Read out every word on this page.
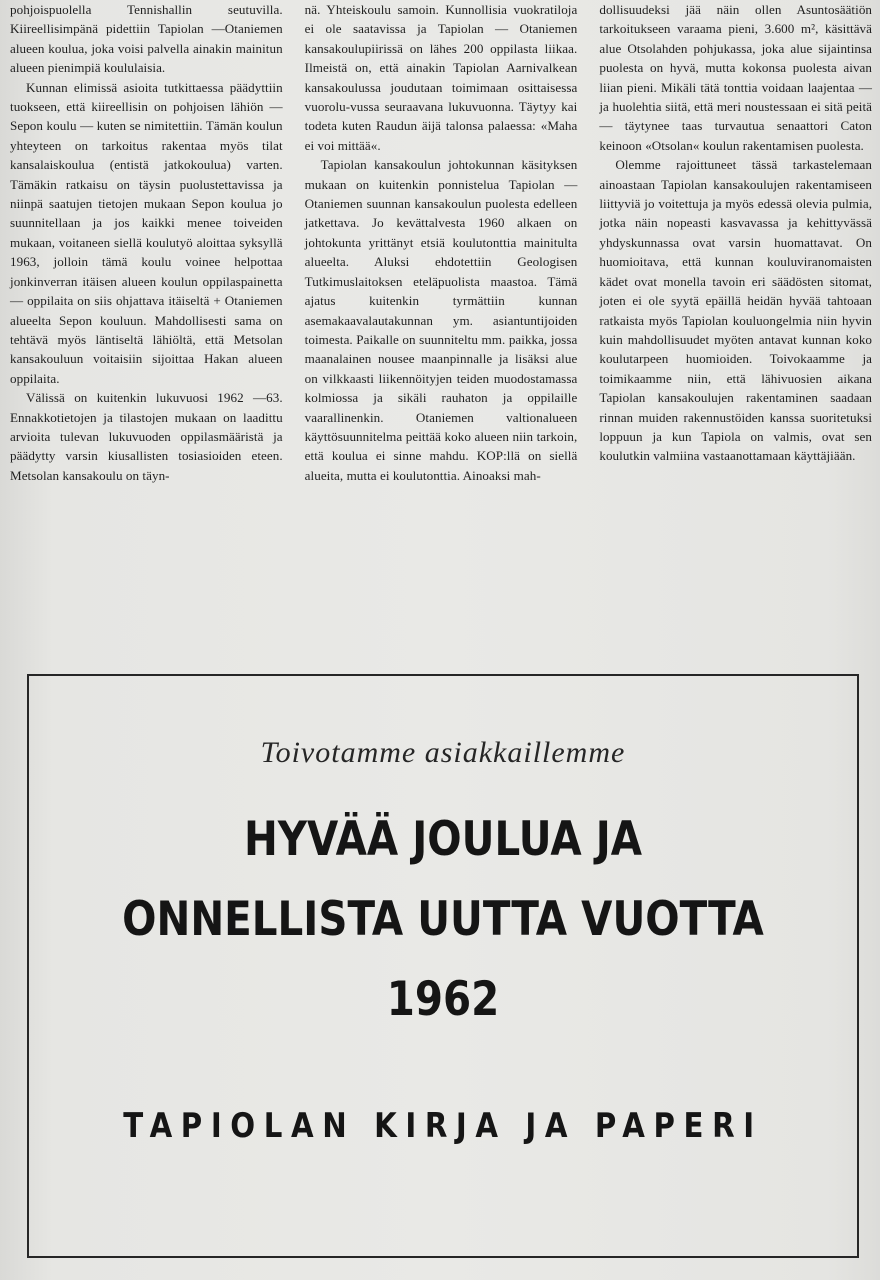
pohjoispuolella Tennishallin seutuvilla. Kiireellisimpänä pidettiin Tapiolan —Otaniemen alueen koulua, joka voisi palvella ainakin mainitun alueen pienimpiä koululaisia.

Kunnan elimissä asioita tutkittaessa päädyttiin tuokseen, että kiireellisin on pohjoisen lähiön — Sepon koulu — kuten se nimitettiin. Tämän koulun yhteyteen on tarkoitus rakentaa myös tilat kansalaiskoulua (entistä jatkokoulua) varten. Tämäkin ratkaisu on täysin puolustettavissa ja niinpä saatujen tietojen mukaan Sepon koulua jo suunnitellaan ja jos kaikki menee toiveiden mukaan, voitaneen siellä koulutyö aloittaa syksyllä 1963, jolloin tämä koulu voinee helpottaa jonkinverran itäisen alueen koulun oppilaspainetta — oppilaita on siis ohjattava itäiseltä + Otaniemen alueelta Sepon kouluun. Mahdollisesti sama on tehtävä myös läntiseltä lähiöltä, että Metsolan kansakouluun voitaisiin sijoittaa Hakan alueen oppilaita.

Välissä on kuitenkin lukuvuosi 1962 —63. Ennakkotietojen ja tilastojen mukaan on laadittu arvioita tulevan lukuvuoden oppilasmääristä ja päädytty varsin kiusallisten tosiasioiden eteen. Metsolan kansakoulu on täyn-

nä. Yhteiskoulu samoin. Kunnollisia vuokratiloja ei ole saatavissa ja Tapiolan — Otaniemen kansakoulupiirissä on lähes 200 oppilasta liikaa. Ilmeistä on, että ainakin Tapiolan Aarnivalkean kansakoulussa joudutaan toimimaan osittaisessa vuorolu-vussa seuraavana lukuvuonna. Täytyy kai todeta kuten Raudun äijä talonsa palaessa: «Maha ei voi mittää«.

Tapiolan kansakoulun johtokunnan käsityksen mukaan on kuitenkin ponnistelua Tapiolan — Otaniemen suunnan kansakoulun puolesta edelleen jatkettava. Jo kevättalvesta 1960 alkaen on johtokunta yrittänyt etsiä koulutonttia mainitulta alueelta. Aluksi ehdotettiin Geologisen Tutkimuslaitoksen eteläpuolista maastoa. Tämä ajatus kuitenkin tyrmättiin kunnan asemakaavalautakunnan ym. asiantuntijoiden toimesta. Paikalle on suunniteltu mm. paikka, jossa maanalainen nousee maanpinnalle ja lisäksi alue on vilkkaasti liikennöityjen teiden muodostamassa kolmiossa ja sikäli rauhaton ja oppilaille vaarallinenkin. Otaniemen valtionalueen käyttösuunnitelma peittää koko alueen niin tarkoin, että koulua ei sinne mahdu. KOP:llä on siellä alueita, mutta ei koulutonttia. Ainoaksi mah-

dollisuudeksi jää näin ollen Asuntosäätiön tarkoitukseen varaama pieni, 3.600 m², käsittävä alue Otsolahden pohjukassa, joka alue sijaintinsa puolesta on hyvä, mutta kokonsa puolesta aivan liian pieni. Mikäli tätä tonttia voidaan laajentaa — ja huolehtia siitä, että meri noustessaan ei sitä peitä — täytynee taas turvautua senaattori Caton keinoon «Otsolan« koulun rakentamisen puolesta.

Olemme rajoittuneet tässä tarkastelemaan ainoastaan Tapiolan kansakoulujen rakentamiseen liittyviä jo voitettuja ja myös edessä olevia pulmia, jotka näin nopeasti kasvavassa ja kehittyvässä yhdyskunnassa ovat varsin huomattavat. On huomioitava, että kunnan kouluviranomaisten kädet ovat monella tavoin eri säädösten sitomat, joten ei ole syytä epäillä heidän hyvää tahtoaan ratkaista myös Tapiolan kouluongelmia niin hyvin kuin mahdollisuudet myöten antavat kunnan koko koulutarpeen huomioiden. Toivokaamme ja toimikaamme niin, että lähivuosien aikana Tapiolan kansakoulujen rakentaminen saadaan rinnan muiden rakennustöiden kanssa suoritetuksi loppuun ja kun Tapiola on valmis, ovat sen koulutkin valmiina vastaanottamaan käyttäjiään.

Toivotamme asiakkaillemme
HYVÄÄ JOULUA JA
ONNELLISTA UUTTA VUOTTA
1962
TAPIOLAN KIRJA JA PAPERI
